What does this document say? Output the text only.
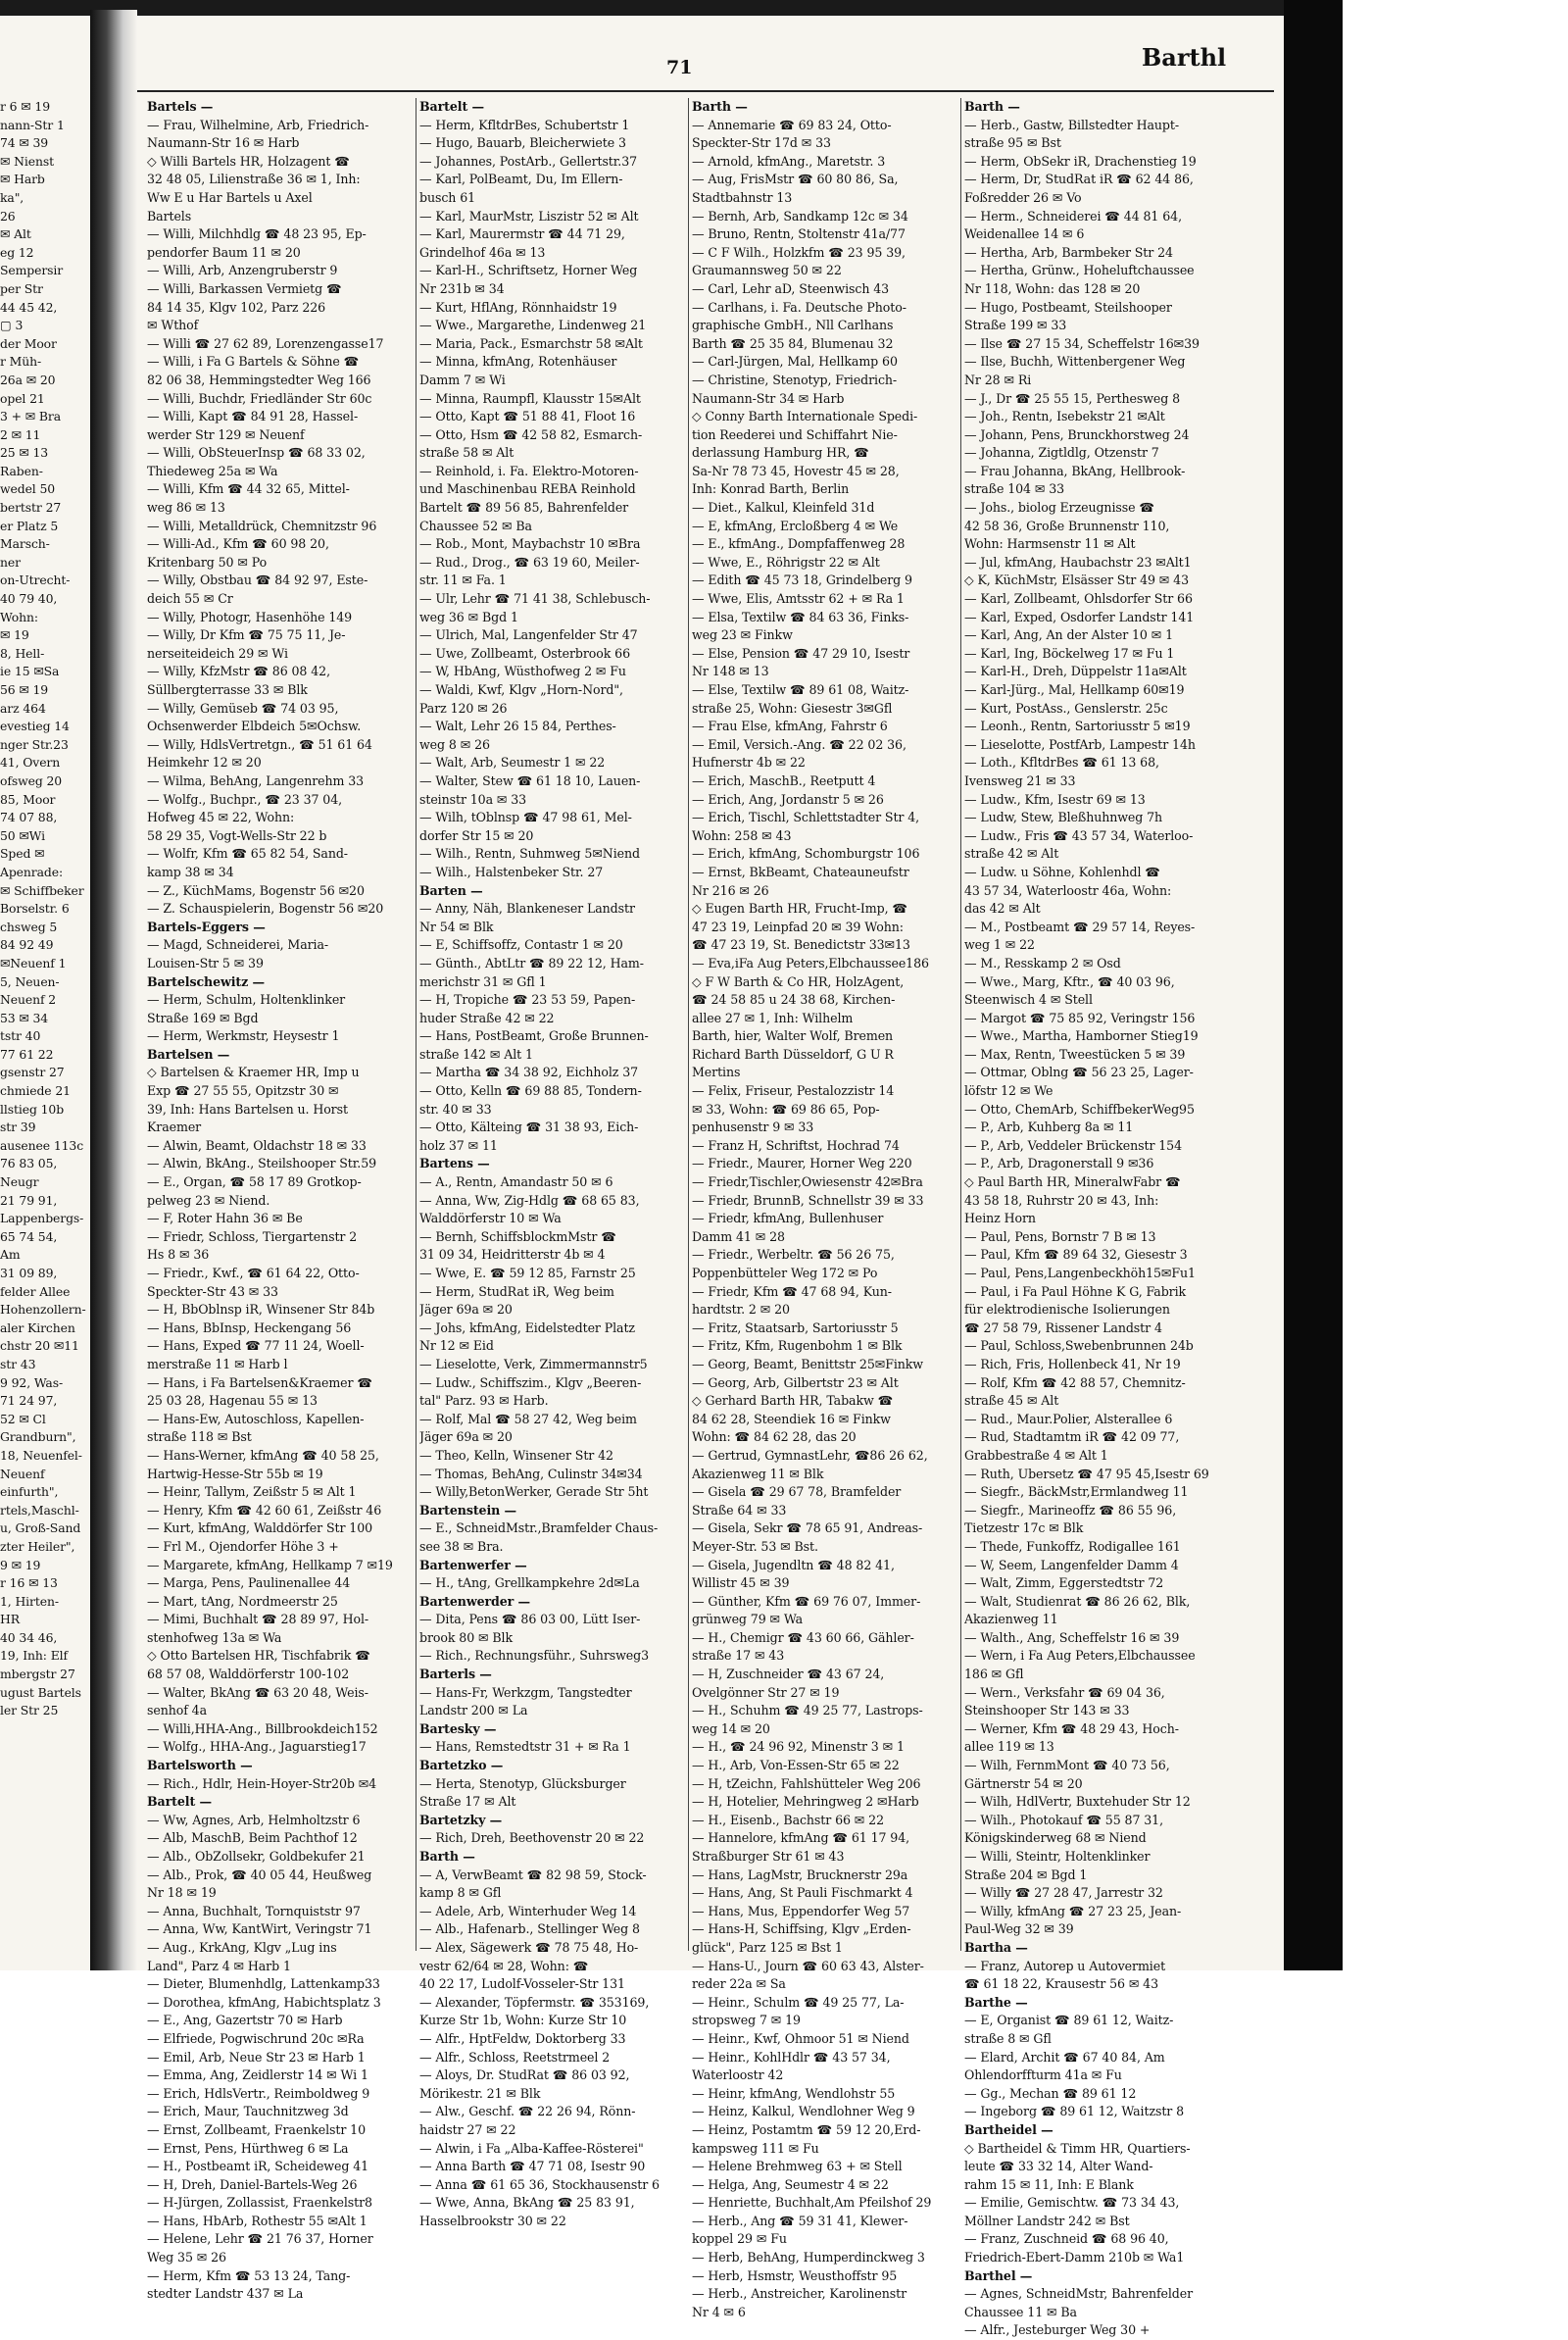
71	Barthl
r 6 ✉ 19
nann-Str 1
74 ✉ 39
✉ Nienst
✉ Harb
ka",
26
✉ Alt
eg 12
Sempersir
per Str
44 45 42,
▢ 3
der Moor
r Müh-
26a ✉ 20
opel 21
3 + ✉ Bra
2 ✉ 11
25 ✉ 13
Raben-
wedel 50
bertstr 27
er Platz 5
Marsch-
ner
on-Utrecht-
40 79 40,
Wohn:
✉ 19
8, Hell-
ie 15 ✉Sa
56 ✉ 19
arz 464
evestieg 14
nger Str.23
41, Overn
ofsweg 20
85, Moor
74 07 88,
50 ✉Wi
Sped ✉
Apenrade:
✉ Schiffbeker
Borselstr. 6
chsweg 5
84 92 49
✉Neuenf 1
5, Neuen-
Neuenf 2
53 ✉ 34
tstr 40
77 61 22
gsenstr 27
chmiede 21
llstieg 10b
str 39
ausenee 113c
76 83 05,
Neugr
21 79 91,
Lappenbergs-
65 74 54,
Am
31 09 89,
felder Allee
Hohenzollern-
aler Kirchen
chstr 20 ✉11
str 43
9 92, Was-
71 24 97,
52 ✉ Cl
Grandburn",
18, Neuenfel-
Neuenf
einfurth",
rtels,Maschl-
u, Groß-Sand
zter Heiler",
9 ✉ 19
r 16 ✉ 13
1, Hirten-
HR
40 34 46,
19, Inh: Elf
mbergstr 27
ugust Bartels
ler Str 25
Bartels —
— Frau, Wilhelmine, Arb, Friedrich-
Naumann-Str 16 ✉ Harb
◇ Willi Bartels HR, Holzagent ☎
32 48 05, Lilienstraße 36 ✉ 1, Inh:
Ww E u Har Bartels u Axel
Bartels
— Willi, Milchhdlg ☎ 48 23 95, Ep-
pendorfer Baum 11 ✉ 20
— Willi, Arb, Anzengruberstr 9
— Willi, Barkassen Vermietg ☎
84 14 35, Klgv 102, Parz 226
✉ Wthof
— Willi ☎ 27 62 89, Lorenzengasse17
— Willi, i Fa G Bartels & Söhne ☎
82 06 38, Hemmingstedter Weg 166
— Willi, Buchdr, Friedländer Str 60c
— Willi, Kapt ☎ 84 91 28, Hassel-
werder Str 129 ✉ Neuenf
— Willi, ObSteuerInsp ☎ 68 33 02,
Thiedeweg 25a ✉ Wa
— Willi, Kfm ☎ 44 32 65, Mittel-
weg 86 ✉ 13
— Willi, Metalldrück, Chemnitzstr 96
— Willi-Ad., Kfm ☎ 60 98 20,
Kritenbarg 50 ✉ Po
— Willy, Obstbau ☎ 84 92 97, Este-
deich 55 ✉ Cr
— Willy, Photogr, Hasenhöhe 149
— Willy, Dr Kfm ☎ 75 75 11, Je-
nerseiteideich 29 ✉ Wi
— Willy, KfzMstr ☎ 86 08 42,
Süllbergterrasse 33 ✉ Blk
— Willy, Gemüseb ☎ 74 03 95,
Ochsenwerder Elbdeich 5✉Ochsw.
— Willy, HdlsVertretgn., ☎ 51 61 64
Heimkehr 12 ✉ 20
— Wilma, BehAng, Langenrehm 33
— Wolfg., Buchpr., ☎ 23 37 04,
Hofweg 45 ✉ 22, Wohn:
58 29 35, Vogt-Wells-Str 22 b
— Wolfr, Kfm ☎ 65 82 54, Sand-
kamp 38 ✉ 34
— Z., KüchMams, Bogenstr 56 ✉20
— Z. Schauspielerin, Bogenstr 56 ✉20
Bartels-Eggers —
— Magd, Schneiderei, Maria-
Louisen-Str 5 ✉ 39
Bartelschewitz —
— Herm, Schulm, Holtenklinker
Straße 169 ✉ Bgd
— Herm, Werkmstr, Heysestr 1
Bartelsen —
◇ Bartelsen & Kraemer HR, Imp u
Exp ☎ 27 55 55, Opitzstr 30 ✉
39, Inh: Hans Bartelsen u. Horst
Kraemer
— Alwin, Beamt, Oldachstr 18 ✉ 33
— Alwin, BkAng., Steilshooper Str.59
— E., Organ, ☎ 58 17 89 Grotkop-
pelweg 23 ✉ Niend.
— F, Roter Hahn 36 ✉ Be
— Friedr, Schloss, Tiergartenstr 2
Hs 8 ✉ 36
— Friedr., Kwf., ☎ 61 64 22, Otto-
Speckter-Str 43 ✉ 33
— H, BbOblnsp iR, Winsener Str 84b
— Hans, BbInsp, Heckengang 56
— Hans, Exped ☎ 77 11 24, Woell-
merstraße 11 ✉ Harb l
— Hans, i Fa Bartelsen&Kraemer ☎
25 03 28, Hagenau 55 ✉ 13
— Hans-Ew, Autoschloss, Kapellen-
straße 118 ✉ Bst
— Hans-Werner, kfmAng ☎ 40 58 25,
Hartwig-Hesse-Str 55b ✉ 19
— Heinr, Tallym, Zeißstr 5 ✉ Alt 1
— Henry, Kfm ☎ 42 60 61, Zeißstr 46
— Kurt, kfmAng, Walddörfer Str 100
— Frl M., Ojendorfer Höhe 3 +
— Margarete, kfmAng, Hellkamp 7 ✉19
— Marga, Pens, Paulinenallee 44
— Mart, tAng, Nordmeerstr 25
— Mimi, Buchhalt ☎ 28 89 97, Hol-
stenhofweg 13a ✉ Wa
◇ Otto Bartelsen HR, Tischfabrik ☎
68 57 08, Walddörferstr 100-102
— Walter, BkAng ☎ 63 20 48, Weis-
senhof 4a
— Willi,HHA-Ang., Billbrookdeich152
— Wolfg., HHA-Ang., Jaguarstieg17
Bartelsworth —
— Rich., Hdlr, Hein-Hoyer-Str20b ✉4
Bartelt —
— Ww, Agnes, Arb, Helmholtzstr 6
— Alb, MaschB, Beim Pachthof 12
— Alb., ObZollsekr, Goldbekufer 21
— Alb., Prok, ☎ 40 05 44, Heußweg
Nr 18 ✉ 19
— Anna, Buchhalt, Tornquiststr 97
— Anna, Ww, KantWirt, Veringstr 71
— Aug., KrkAng, Klgv „Lug ins
Land", Parz 4 ✉ Harb 1
— Dieter, Blumenhdlg, Lattenkamp33
— Dorothea, kfmAng, Habichtsplatz 3
— E., Ang, Gazertstr 70 ✉ Harb
— Elfriede, Pogwischrund 20c ✉Ra
— Emil, Arb, Neue Str 23 ✉ Harb 1
— Emma, Ang, Zeidlerstr 14 ✉ Wi 1
— Erich, HdlsVertr., Reimboldweg 9
— Erich, Maur, Tauchnitzweg 3d
— Ernst, Zollbeamt, Fraenkelstr 10
— Ernst, Pens, Hürthweg 6 ✉ La
— H., Postbeamt iR, Scheideweg 41
— H, Dreh, Daniel-Bartels-Weg 26
— H-Jürgen, Zollassist, Fraenkelstr8
— Hans, HbArb, Rothestr 55 ✉Alt 1
— Helene, Lehr ☎ 21 76 37, Horner
Weg 35 ✉ 26
— Herm, Kfm ☎ 53 13 24, Tang-
stedter Landstr 437 ✉ La
Bartelt —
— Herm, KfltdrBes, Schubertstr 1
— Hugo, Bauarb, Bleicherwiete 3
— Johannes, PostArb., Gellertstr.37
— Karl, PolBeamt, Du, Im Ellern-
busch 61
— Karl, MaurMstr, Liszistr 52 ✉ Alt
— Karl, Maurermstr ☎ 44 71 29,
Grindelhof 46a ✉ 13
— Karl-H., Schriftsetz, Horner Weg
Nr 231b ✉ 34
— Kurt, HflAng, Rönnhaidstr 19
— Wwe., Margarethe, Lindenweg 21
— Maria, Pack., Esmarchstr 58 ✉Alt
— Minna, kfmAng, Rotenhäuser
Damm 7 ✉ Wi
— Minna, Raumpfl, Klausstr 15✉Alt
— Otto, Kapt ☎ 51 88 41, Floot 16
— Otto, Hsm ☎ 42 58 82, Esmarch-
straße 58 ✉ Alt
— Reinhold, i. Fa. Elektro-Motoren-
und Maschinenbau REBA Reinhold
Bartelt ☎ 89 56 85, Bahrenfelder
Chaussee 52 ✉ Ba
— Rob., Mont, Maybachstr 10 ✉Bra
— Rud., Drog., ☎ 63 19 60, Meiler-
str. 11 ✉ Fa. 1
— Ulr, Lehr ☎ 71 41 38, Schlebusch-
weg 36 ✉ Bgd 1
— Ulrich, Mal, Langenfelder Str 47
— Uwe, Zollbeamt, Osterbrook 66
— W, HbAng, Wüsthofweg 2 ✉ Fu
— Waldi, Kwf, Klgv „Horn-Nord",
Parz 120 ✉ 26
— Walt, Lehr 26 15 84, Perthes-
weg 8 ✉ 26
— Walt, Arb, Seumestr 1 ✉ 22
— Walter, Stew ☎ 61 18 10, Lauen-
steinstr 10a ✉ 33
— Wilh, tOblnsp ☎ 47 98 61, Mel-
dorfer Str 15 ✉ 20
— Wilh., Rentn, Suhmweg 5✉Niend
— Wilh., Halstenbeker Str. 27
Barten —
— Anny, Näh, Blankeneser Landstr
Nr 54 ✉ Blk
— E, Schiffsoffz, Contastr 1 ✉ 20
— Günth., AbtLtr ☎ 89 22 12, Ham-
merichstr 31 ✉ Gfl 1
— H, Tropiche ☎ 23 53 59, Papen-
huder Straße 42 ✉ 22
— Hans, PostBeamt, Große Brunnen-
straße 142 ✉ Alt 1
— Martha ☎ 34 38 92, Eichholz 37
— Otto, Kelln ☎ 69 88 85, Tondern-
str. 40 ✉ 33
— Otto, Kälteing ☎ 31 38 93, Eich-
holz 37 ✉ 11
Bartens —
— A., Rentn, Amandastr 50 ✉ 6
— Anna, Ww, Zig-Hdlg ☎ 68 65 83,
Walddörferstr 10 ✉ Wa
— Bernh, SchiffsblockmMstr ☎
31 09 34, Heidritterstr 4b ✉ 4
— Wwe, E. ☎ 59 12 85, Farnstr 25
— Herm, StudRat iR, Weg beim
Jäger 69a ✉ 20
— Johs, kfmAng, Eidelstedter Platz
Nr 12 ✉ Eid
— Lieselotte, Verk, Zimmermannstr5
— Ludw., Schiffszim., Klgv „Beeren-
tal" Parz. 93 ✉ Harb.
— Rolf, Mal ☎ 58 27 42, Weg beim
Jäger 69a ✉ 20
— Theo, Kelln, Winsener Str 42
— Thomas, BehAng, Culinstr 34✉34
— Willy,BetonWerker, Gerade Str 5ht
Bartenstein —
— E., SchneidMstr.,Bramfelder Chaus-
see 38 ✉ Bra.
Bartenwerfer —
— H., tAng, Grellkampkehre 2d✉La
Bartenwerder —
— Dita, Pens ☎ 86 03 00, Lütt Iser-
brook 80 ✉ Blk
— Rich., Rechnungsführ., Suhrsweg3
Barterls —
— Hans-Fr, Werkzgm, Tangstedter
Landstr 200 ✉ La
Bartesky —
— Hans, Remstedtstr 31 + ✉ Ra 1
Bartetzko —
— Herta, Stenotyp, Glücksburger
Straße 17 ✉ Alt
Bartetzky —
— Rich, Dreh, Beethovenstr 20 ✉ 22
Barth —
— A, VerwBeamt ☎ 82 98 59, Stock-
kamp 8 ✉ Gfl
— Adele, Arb, Winterhuder Weg 14
— Alb., Hafenarb., Stellinger Weg 8
— Alex, Sägewerk ☎ 78 75 48, Ho-
vestr 62/64 ✉ 28, Wohn: ☎
40 22 17, Ludolf-Vosseler-Str 131
— Alexander, Töpfermstr. ☎ 353169,
Kurze Str 1b, Wohn: Kurze Str 10
— Alfr., HptFeldw, Doktorberg 33
— Alfr., Schloss, Reetstrmeel 2
— Aloys, Dr. StudRat ☎ 86 03 92,
Mörikestr. 21 ✉ Blk
— Alw., Geschf. ☎ 22 26 94, Rönn-
haidstr 27 ✉ 22
— Alwin, i Fa „Alba-Kaffee-Rösterei"
— Anna Barth ☎ 47 71 08, Isestr 90
— Anna ☎ 61 65 36, Stockhausenstr 6
— Wwe, Anna, BkAng ☎ 25 83 91,
Hasselbrookstr 30 ✉ 22
Barth —
— Annemarie ☎ 69 83 24, Otto-
Speckter-Str 17d ✉ 33
— Arnold, kfmAng., Maretstr. 3
— Aug, FrisMstr ☎ 60 80 86, Sa,
Stadtbahnstr 13
— Bernh, Arb, Sandkamp 12c ✉ 34
— Bruno, Rentn, Stoltenstr 41a/77
— C F Wilh., Holzkfm ☎ 23 95 39,
Graumannsweg 50 ✉ 22
— Carl, Lehr aD, Steenwisch 43
— Carlhans, i. Fa. Deutsche Photo-
graphische GmbH., Nll Carlhans
Barth ☎ 25 35 84, Blumenau 32
— Carl-Jürgen, Mal, Hellkamp 60
— Christine, Stenotyp, Friedrich-
Naumann-Str 34 ✉ Harb
◇ Conny Barth Internationale Spedi-
tion Reederei und Schiffahrt Nie-
derlassung Hamburg HR, ☎
Sa-Nr 78 73 45, Hovestr 45 ✉ 28,
Inh: Konrad Barth, Berlin
— Diet., Kalkul, Kleinfeld 31d
— E, kfmAng, Ercloßberg 4 ✉ We
— E., kfmAng., Dompfaffenweg 28
— Wwe, E., Röhrigstr 22 ✉ Alt
— Edith ☎ 45 73 18, Grindelberg 9
— Wwe, Elis, Amtsstr 62 + ✉ Ra 1
— Elsa, Textilw ☎ 84 63 36, Finks-
weg 23 ✉ Finkw
— Else, Pension ☎ 47 29 10, Isestr
Nr 148 ✉ 13
— Else, Textilw ☎ 89 61 08, Waitz-
straße 25, Wohn: Giesestr 3✉Gfl
— Frau Else, kfmAng, Fahrstr 6
— Emil, Versich.-Ang. ☎ 22 02 36,
Hufnerstr 4b ✉ 22
— Erich, MaschB., Reetputt 4
— Erich, Ang, Jordanstr 5 ✉ 26
— Erich, Tischl, Schlettstadter Str 4,
Wohn: 258 ✉ 43
— Erich, kfmAng, Schomburgstr 106
— Ernst, BkBeamt, Chateauneufstr
Nr 216 ✉ 26
◇ Eugen Barth HR, Frucht-Imp, ☎
47 23 19, Leinpfad 20 ✉ 39 Wohn:
☎ 47 23 19, St. Benedictstr 33✉13
— Eva,iFa Aug Peters,Elbchaussee186
◇ F W Barth & Co HR, HolzAgent,
☎ 24 58 85 u 24 38 68, Kirchen-
allee 27 ✉ 1, Inh: Wilhelm
Barth, hier, Walter Wolf, Bremen
Richard Barth Düsseldorf, G U R
Mertins
— Felix, Friseur, Pestalozzistr 14
✉ 33, Wohn: ☎ 69 86 65, Pop-
penhusenstr 9 ✉ 33
— Franz H, Schriftst, Hochrad 74
— Friedr., Maurer, Horner Weg 220
— Friedr,Tischler,Owiesenstr 42✉Bra
— Friedr, BrunnB, Schnellstr 39 ✉ 33
— Friedr, kfmAng, Bullenhuser
Damm 41 ✉ 28
— Friedr., Werbeltr. ☎ 56 26 75,
Poppenbütteler Weg 172 ✉ Po
— Friedr, Kfm ☎ 47 68 94, Kun-
hardtstr. 2 ✉ 20
— Fritz, Staatsarb, Sartoriusstr 5
— Fritz, Kfm, Rugenbohm 1 ✉ Blk
— Georg, Beamt, Benittstr 25✉Finkw
— Georg, Arb, Gilbertstr 23 ✉ Alt
◇ Gerhard Barth HR, Tabakw ☎
84 62 28, Steendiek 16 ✉ Finkw
Wohn: ☎ 84 62 28, das 20
— Gertrud, GymnastLehr, ☎86 26 62,
Akazienweg 11 ✉ Blk
— Gisela ☎ 29 67 78, Bramfelder
Straße 64 ✉ 33
— Gisela, Sekr ☎ 78 65 91, Andreas-
Meyer-Str. 53 ✉ Bst.
— Gisela, Jugendltn ☎ 48 82 41,
Willistr 45 ✉ 39
— Günther, Kfm ☎ 69 76 07, Immer-
grünweg 79 ✉ Wa
— H., Chemigr ☎ 43 60 66, Gähler-
straße 17 ✉ 43
— H, Zuschneider ☎ 43 67 24,
Ovelgönner Str 27 ✉ 19
— H., Schuhm ☎ 49 25 77, Lastrops-
weg 14 ✉ 20
— H., ☎ 24 96 92, Minenstr 3 ✉ 1
— H., Arb, Von-Essen-Str 65 ✉ 22
— H, tZeichn, Fahlshütteler Weg 206
— H, Hotelier, Mehringweg 2 ✉Harb
— H., Eisenb., Bachstr 66 ✉ 22
— Hannelore, kfmAng ☎ 61 17 94,
Straßburger Str 61 ✉ 43
— Hans, LagMstr, Brucknerstr 29a
— Hans, Ang, St Pauli Fischmarkt 4
— Hans, Mus, Eppendorfer Weg 57
— Hans-H, Schiffsing, Klgv „Erden-
glück", Parz 125 ✉ Bst 1
— Hans-U., Journ ☎ 60 63 43, Alster-
reder 22a ✉ Sa
— Heinr., Schulm ☎ 49 25 77, La-
stropsweg 7 ✉ 19
— Heinr., Kwf, Ohmoor 51 ✉ Niend
— Heinr., KohlHdlr ☎ 43 57 34,
Waterloostr 42
— Heinr, kfmAng, Wendlohstr 55
— Heinz, Kalkul, Wendlohner Weg 9
— Heinz, Postamtm ☎ 59 12 20,Erd-
kampsweg 111 ✉ Fu
— Helene Brehmweg 63 + ✉ Stell
— Helga, Ang, Seumestr 4 ✉ 22
— Henriette, Buchhalt,Am Pfeilshof 29
— Herb., Ang ☎ 59 31 41, Klewer-
koppel 29 ✉ Fu
— Herb, BehAng, Humperdinckweg 3
— Herb, Hsmstr, Weusthoffstr 95
— Herb., Anstreicher, Karolinenstr
Nr 4 ✉ 6
Barth —
— Herb., Gastw, Billstedter Haupt-
straße 95 ✉ Bst
— Herm, ObSekr iR, Drachenstieg 19
— Herm, Dr, StudRat iR ☎ 62 44 86,
Foßredder 26 ✉ Vo
— Herm., Schneiderei ☎ 44 81 64,
Weidenallee 14 ✉ 6
— Hertha, Arb, Barmbeker Str 24
— Hertha, Grünw., Hoheluftchaussee
Nr 118, Wohn: das 128 ✉ 20
— Hugo, Postbeamt, Steilshooper
Straße 199 ✉ 33
— Ilse ☎ 27 15 34, Scheffelstr 16✉39
— Ilse, Buchh, Wittenbergener Weg
Nr 28 ✉ Ri
— J., Dr ☎ 25 55 15, Perthesweg 8
— Joh., Rentn, Isebekstr 21 ✉Alt
— Johann, Pens, Brunckhorstweg 24
— Johanna, Zigtldlg, Otzenstr 7
— Frau Johanna, BkAng, Hellbrook-
straße 104 ✉ 33
— Johs., biolog Erzeugnisse ☎
42 58 36, Große Brunnenstr 110,
Wohn: Harmsenstr 11 ✉ Alt
— Jul, kfmAng, Haubachstr 23 ✉Alt1
◇ K, KüchMstr, Elsässer Str 49 ✉ 43
— Karl, Zollbeamt, Ohlsdorfer Str 66
— Karl, Exped, Osdorfer Landstr 141
— Karl, Ang, An der Alster 10 ✉ 1
— Karl, Ing, Böckelweg 17 ✉ Fu 1
— Karl-H., Dreh, Düppelstr 11a✉Alt
— Karl-Jürg., Mal, Hellkamp 60✉19
— Kurt, PostAss., Genslerstr. 25c
— Leonh., Rentn, Sartoriusstr 5 ✉19
— Lieselotte, PostfArb, Lampestr 14h
— Loth., KfltdrBes ☎ 61 13 68,
Ivensweg 21 ✉ 33
— Ludw., Kfm, Isestr 69 ✉ 13
— Ludw, Stew, Bleßhuhnweg 7h
— Ludw., Fris ☎ 43 57 34, Waterloo-
straße 42 ✉ Alt
— Ludw. u Söhne, Kohlenhdl ☎
43 57 34, Waterloostr 46a, Wohn:
das 42 ✉ Alt
— M., Postbeamt ☎ 29 57 14, Reyes-
weg 1 ✉ 22
— M., Resskamp 2 ✉ Osd
— Wwe., Marg, Kftr., ☎ 40 03 96,
Steenwisch 4 ✉ Stell
— Margot ☎ 75 85 92, Veringstr 156
— Wwe., Martha, Hamborner Stieg19
— Max, Rentn, Tweestücken 5 ✉ 39
— Ottmar, Oblng ☎ 56 23 25, Lager-
löfstr 12 ✉ We
— Otto, ChemArb, SchiffbekerWeg95
— P., Arb, Kuhberg 8a ✉ 11
— P., Arb, Veddeler Brückenstr 154
— P., Arb, Dragonerstall 9 ✉36
◇ Paul Barth HR, MineralwFabr ☎
43 58 18, Ruhrstr 20 ✉ 43, Inh:
Heinz Horn
— Paul, Pens, Bornstr 7 B ✉ 13
— Paul, Kfm ☎ 89 64 32, Giesestr 3
— Paul, Pens,Langenbeckhöh15✉Fu1
— Paul, i Fa Paul Höhne K G, Fabrik
für elektrodienische Isolierungen
☎ 27 58 79, Rissener Landstr 4
— Paul, Schloss,Swebenbrunnen 24b
— Rich, Fris, Hollenbeck 41, Nr 19
— Rolf, Kfm ☎ 42 88 57, Chemnitz-
straße 45 ✉ Alt
— Rud., Maur.Polier, Alsterallee 6
— Rud, Stadtamtm iR ☎ 42 09 77,
Grabbestraße 4 ✉ Alt 1
— Ruth, Ubersetz ☎ 47 95 45,Isestr 69
— Siegfr., BäckMstr,Ermlandweg 11
— Siegfr., Marineoffz ☎ 86 55 96,
Tietzestr 17c ✉ Blk
— Thede, Funkoffz, Rodigallee 161
— W, Seem, Langenfelder Damm 4
— Walt, Zimm, Eggerstedtstr 72
— Walt, Studienrat ☎ 86 26 62, Blk,
Akazienweg 11
— Walth., Ang, Scheffelstr 16 ✉ 39
— Wern, i Fa Aug Peters,Elbchaussee
186 ✉ Gfl
— Wern., Verksfahr ☎ 69 04 36,
Steinshooper Str 143 ✉ 33
— Werner, Kfm ☎ 48 29 43, Hoch-
allee 119 ✉ 13
— Wilh, FernmMont ☎ 40 73 56,
Gärtnerstr 54 ✉ 20
— Wilh, HdlVertr, Buxtehuder Str 12
— Wilh., Photokauf ☎ 55 87 31,
Königskinderweg 68 ✉ Niend
— Willi, Steintr, Holtenklinker
Straße 204 ✉ Bgd 1
— Willy ☎ 27 28 47, Jarrestr 32
— Willy, kfmAng ☎ 27 23 25, Jean-
Paul-Weg 32 ✉ 39
Bartha —
— Franz, Autorep u Autovermiet
☎ 61 18 22, Krausestr 56 ✉ 43
Barthe —
— E, Organist ☎ 89 61 12, Waitz-
straße 8 ✉ Gfl
— Elard, Archit ☎ 67 40 84, Am
Ohlendorffturm 41a ✉ Fu
— Gg., Mechan ☎ 89 61 12
— Ingeborg ☎ 89 61 12, Waitzstr 8
Bartheidel —
◇ Bartheidel & Timm HR, Quartiers-
leute ☎ 33 32 14, Alter Wand-
rahm 15 ✉ 11, Inh: E Blank
— Emilie, Gemischtw. ☎ 73 34 43,
Möllner Landstr 242 ✉ Bst
— Franz, Zuschneid ☎ 68 96 40,
Friedrich-Ebert-Damm 210b ✉ Wa1
Barthel —
— Agnes, SchneidMstr, Bahrenfelder
Chaussee 11 ✉ Ba
— Alfr., Jesteburger Weg 30 +
